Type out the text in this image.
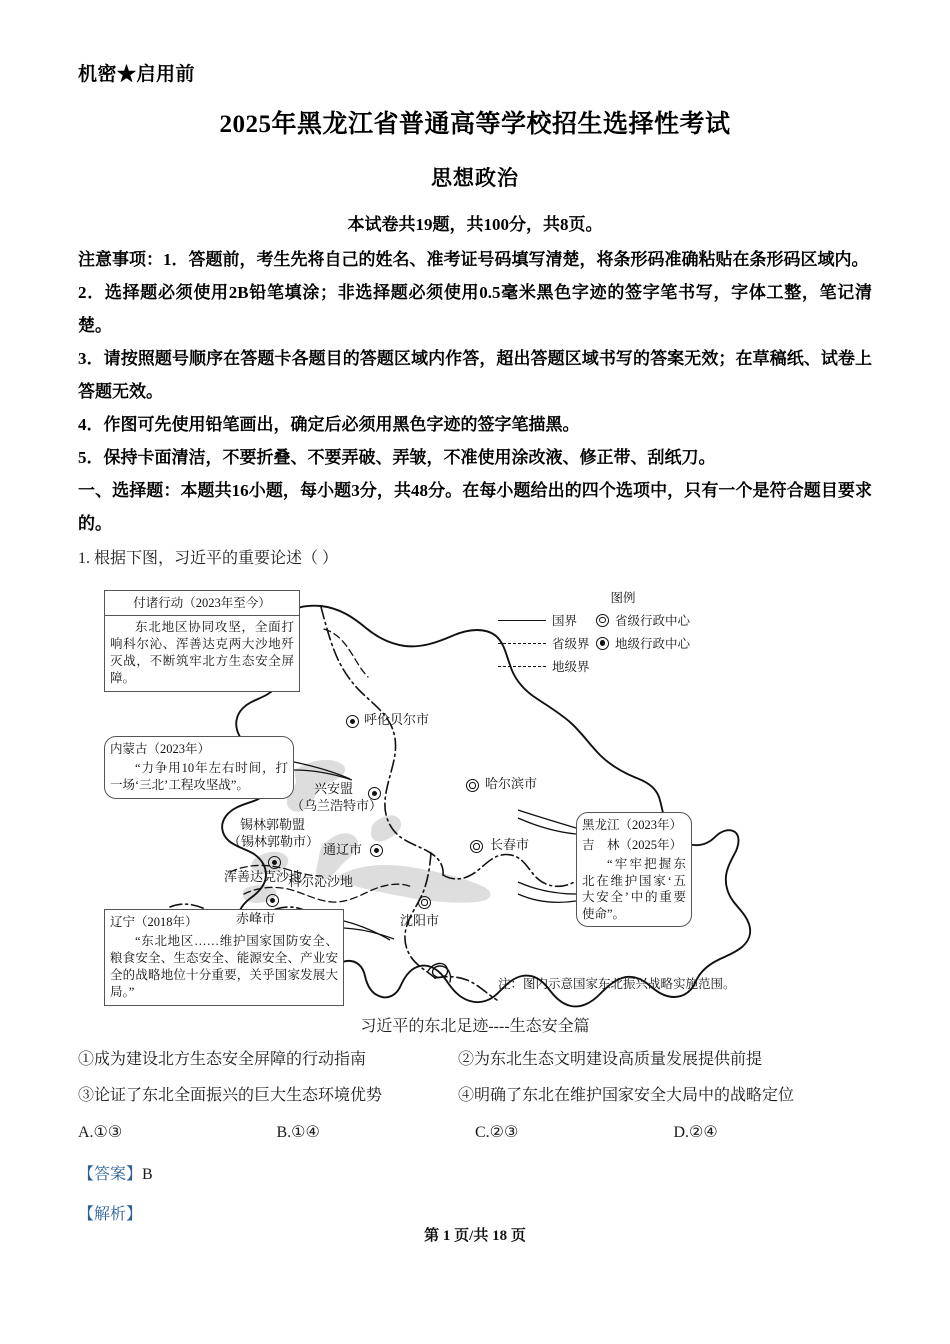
机密★启用前
2025年黑龙江省普通高等学校招生选择性考试
思想政治
本试卷共19题，共100分，共8页。
注意事项：1．答题前，考生先将自己的姓名、准考证号码填写清楚，将条形码准确粘贴在条形码区域内。
2．选择题必须使用2B铅笔填涂；非选择题必须使用0.5毫米黑色字迹的签字笔书写，字体工整，笔记清楚。
3．请按照题号顺序在答题卡各题目的答题区域内作答，超出答题区域书写的答案无效；在草稿纸、试卷上答题无效。
4．作图可先使用铅笔画出，确定后必须用黑色字迹的签字笔描黑。
5．保持卡面清洁，不要折叠、不要弄破、弄皱，不准使用涂改液、修正带、刮纸刀。
一、选择题：本题共16小题，每小题3分，共48分。在每小题给出的四个选项中，只有一个是符合题目要求的。
1. 根据下图，习近平的重要论述（ ）
图例
国界	省级行政中心
省级界 地级行政中心
地级界
付诸行动（2023年至今）
东北地区协同攻坚，全面打响科尔沁、浑善达克两大沙地歼灭战，不断筑牢北方生态安全屏障。
内蒙古（2023年）
“力争用10年左右时间，打一场‘三北’工程攻坚战”。
辽宁（2018年）
“东北地区……维护国家国防安全、粮食安全、生态安全、能源安全、产业安全的战略地位十分重要，关乎国家发展大局。”
黑龙江（2023年）
吉　林（2025年）
“牢牢把握东北在维护国家‘五大安全’中的重要使命”。
呼伦贝尔市
兴安盟
（乌兰浩特市）
锡林郭勒盟
（锡林郭勒市）
通辽市
赤峰市
哈尔滨市
长春市
沈阳市
浑善达克沙地
科尔沁沙地
注：图内示意国家东北振兴战略实施范围。
习近平的东北足迹----生态安全篇
①成为建设北方生态安全屏障的行动指南	②为东北生态文明建设高质量发展提供前提
③论证了东北全面振兴的巨大生态环境优势	④明确了东北在维护国家安全大局中的战略定位
A.①③	B.①④	C.②③	D.②④
【答案】B
【解析】
第 1 页/共 18 页
